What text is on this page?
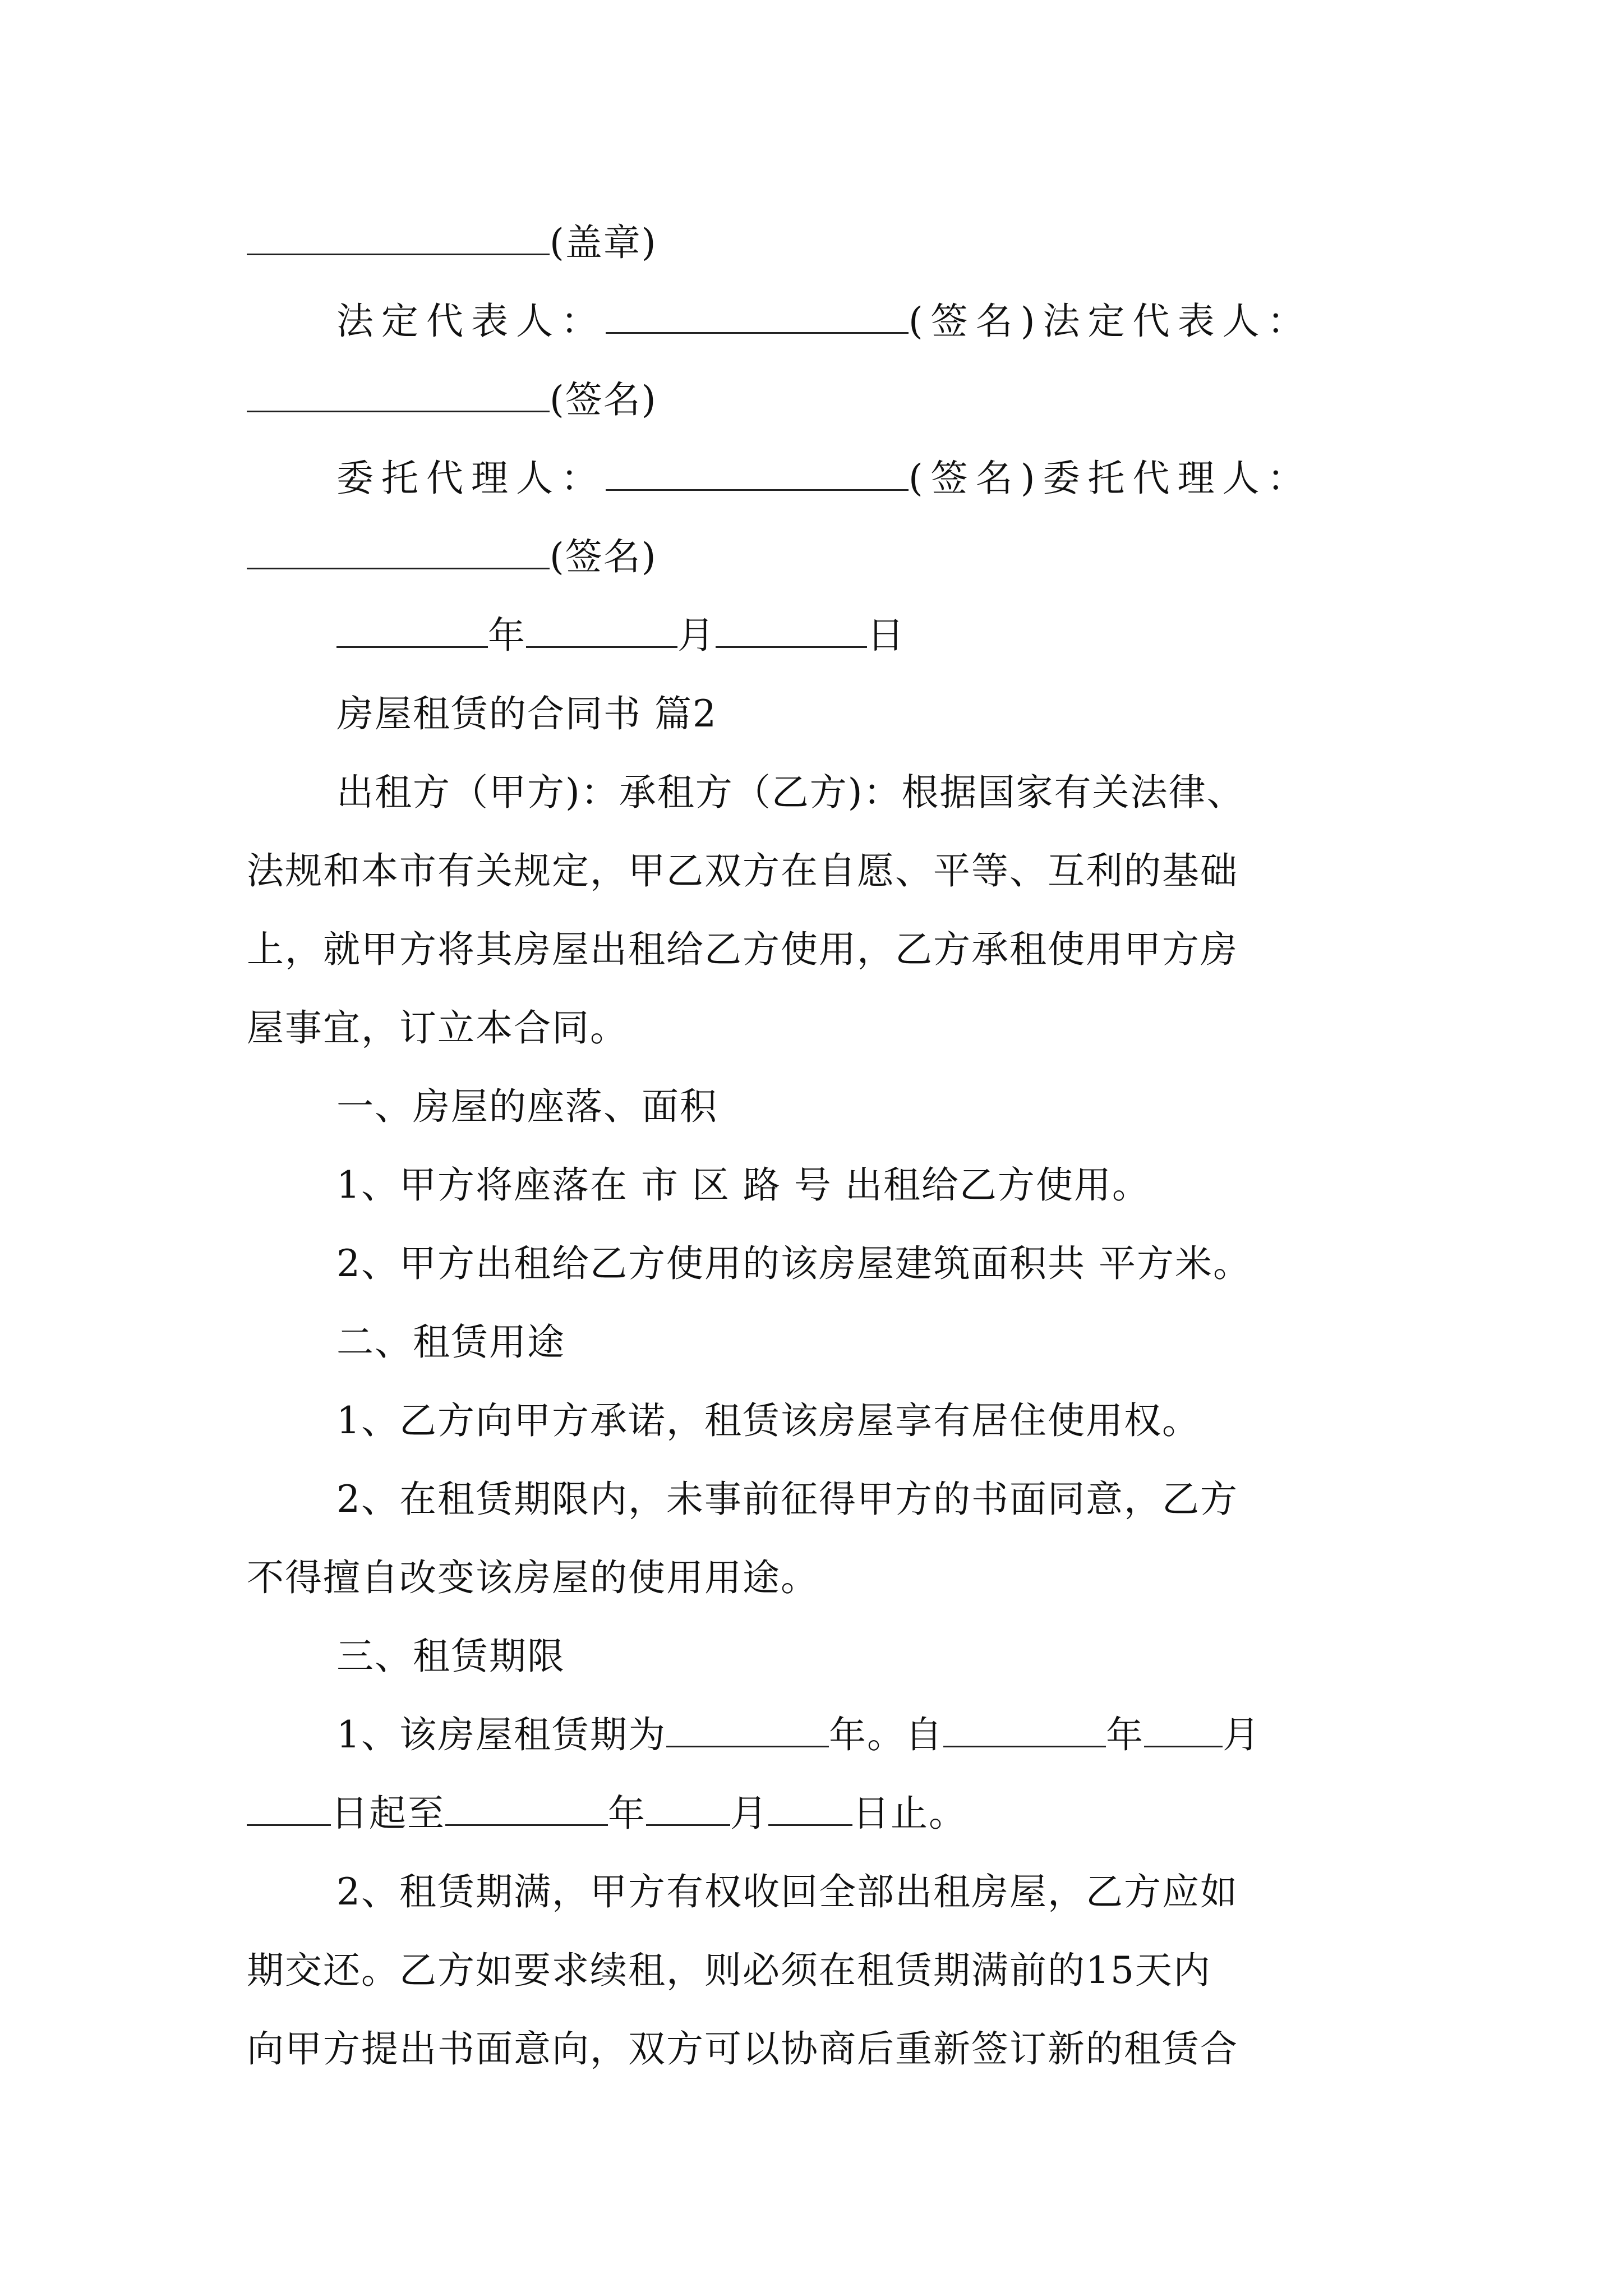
(盖章)
法定代表人：	(签名)法定代表人：
(签名)
委托代理人：	(签名)委托代理人：
(签名)
年	月	日
房屋租赁的合同书 篇2
出租方（甲方)：承租方（乙方)：根据国家有关法律、
法规和本市有关规定，甲乙双方在自愿、平等、互利的基础
上，就甲方将其房屋出租给乙方使用，乙方承租使用甲方房
屋事宜，订立本合同。
一、房屋的座落、面积
1、甲方将座落在 市 区 路 号 出租给乙方使用。
2、甲方出租给乙方使用的该房屋建筑面积共 平方米。
二、租赁用途
1、乙方向甲方承诺，租赁该房屋享有居住使用权。
2、在租赁期限内，未事前征得甲方的书面同意，乙方
不得擅自改变该房屋的使用用途。
三、租赁期限
1、该房屋租赁期为	年。自	年 月
日起至	年 月 日止。
2、租赁期满，甲方有权收回全部出租房屋，乙方应如
期交还。乙方如要求续租，则必须在租赁期满前的15天内
向甲方提出书面意向，双方可以协商后重新签订新的租赁合
